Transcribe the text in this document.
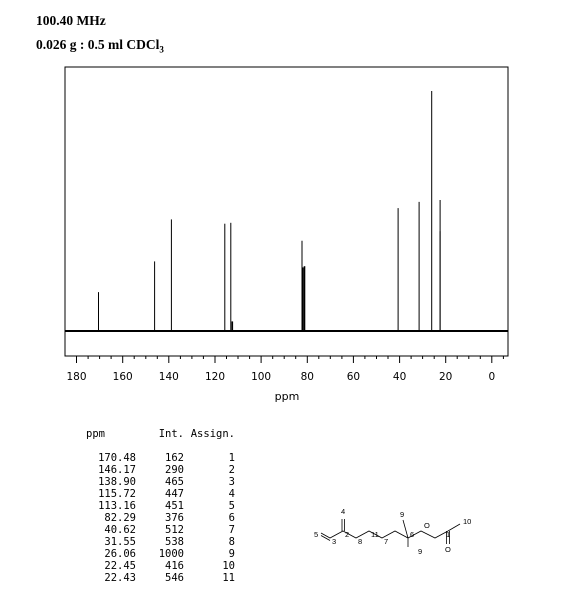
100.40 MHz
0.026 g : 0.5 ml CDCl$_3$
180 160 140 120 100	80	60	40	20	0
ppm
ppm	Int.	Assign.
170.48	162	1
146.17	290	2
138.90	465	3
115.72	447	4
113.16	451	5
82.29	376	6
40.62	512	7
31.55	538	8
26.06	1000	9
22.45	416	10
22.43	546	11
5
3
4
2
8
11
7
9
6
9
O
1
O
10
